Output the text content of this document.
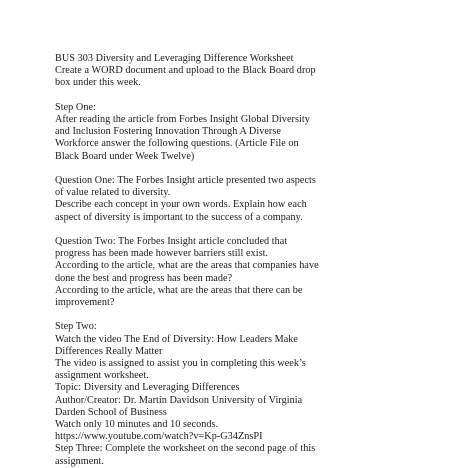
BUS 303 Diversity and Leveraging Difference Worksheet
Create a WORD document and upload to the Black Board drop
box under this week.
Step One:
After reading the article from Forbes Insight Global Diversity
and Inclusion Fostering Innovation Through A Diverse
Workforce answer the following questions. (Article File on
Black Board under Week Twelve)
Question One: The Forbes Insight article presented two aspects
of value related to diversity.
Describe each concept in your own words. Explain how each
aspect of diversity is important to the success of a company.
Question Two: The Forbes Insight article concluded that
progress has been made however barriers still exist.
According to the article, what are the areas that companies have
done the best and progress has been made?
According to the article, what are the areas that there can be
improvement?
Step Two:
Watch the video The End of Diversity: How Leaders Make
Differences Really Matter
The video is assigned to assist you in completing this week’s
assignment worksheet.
Topic: Diversity and Leveraging Differences
Author/Creator: Dr. Martin Davidson University of Virginia
Darden School of Business
Watch only 10 minutes and 10 seconds.
https://www.youtube.com/watch?v=Kp-G34ZnsPI
Step Three: Complete the worksheet on the second page of this
assignment.
